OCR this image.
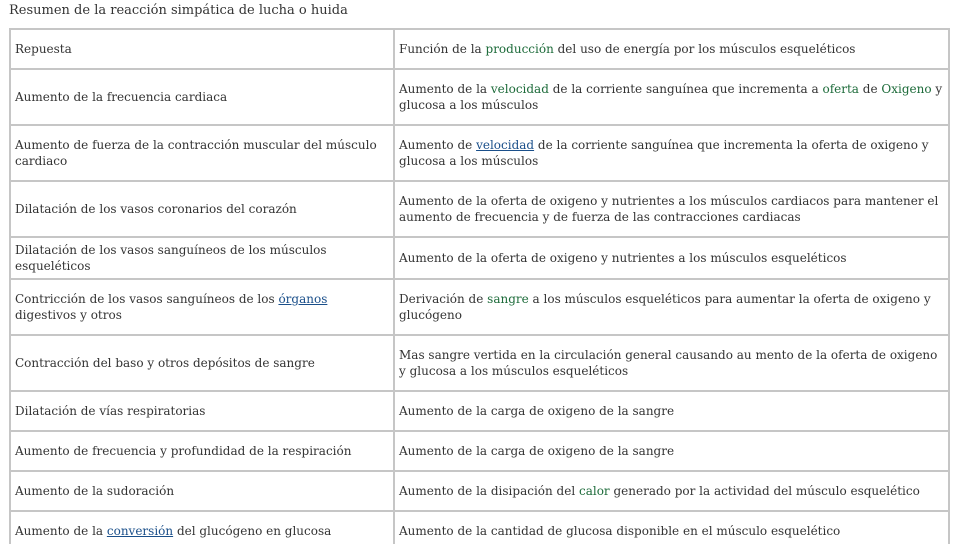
Resumen de la reacción simpática de lucha o huida
Repuesta	Función de la producción del uso de energía por los músculos esqueléticos
Aumento de la frecuencia cardiaca	Aumento de la velocidad de la corriente sanguínea que incrementa a oferta de Oxigeno y glucosa a los músculos
Aumento de fuerza de la contracción muscular del músculo cardiaco	Aumento de velocidad de la corriente sanguínea que incrementa la oferta de oxigeno y glucosa a los músculos
Dilatación de los vasos coronarios del corazón	Aumento de la oferta de oxigeno y nutrientes a los músculos cardiacos para mantener el aumento de frecuencia y de fuerza de las contracciones cardiacas
Dilatación de los vasos sanguíneos de los músculos esqueléticos	Aumento de la oferta de oxigeno y nutrientes a los músculos esqueléticos
Contricción de los vasos sanguíneos de los órganos digestivos y otros	Derivación de sangre a los músculos esqueléticos para aumentar la oferta de oxigeno y glucógeno
Contracción del baso y otros depósitos de sangre	Mas sangre vertida en la circulación general causando au mento de la oferta de oxigeno y glucosa a los músculos esqueléticos
Dilatación de vías respiratorias	Aumento de la carga de oxigeno de la sangre
Aumento de frecuencia y profundidad de la respiración	Aumento de la carga de oxigeno de la sangre
Aumento de la sudoración	Aumento de la disipación del calor generado por la actividad del músculo esquelético
Aumento de la conversión del glucógeno en glucosa	Aumento de la cantidad de glucosa disponible en el músculo esquelético
